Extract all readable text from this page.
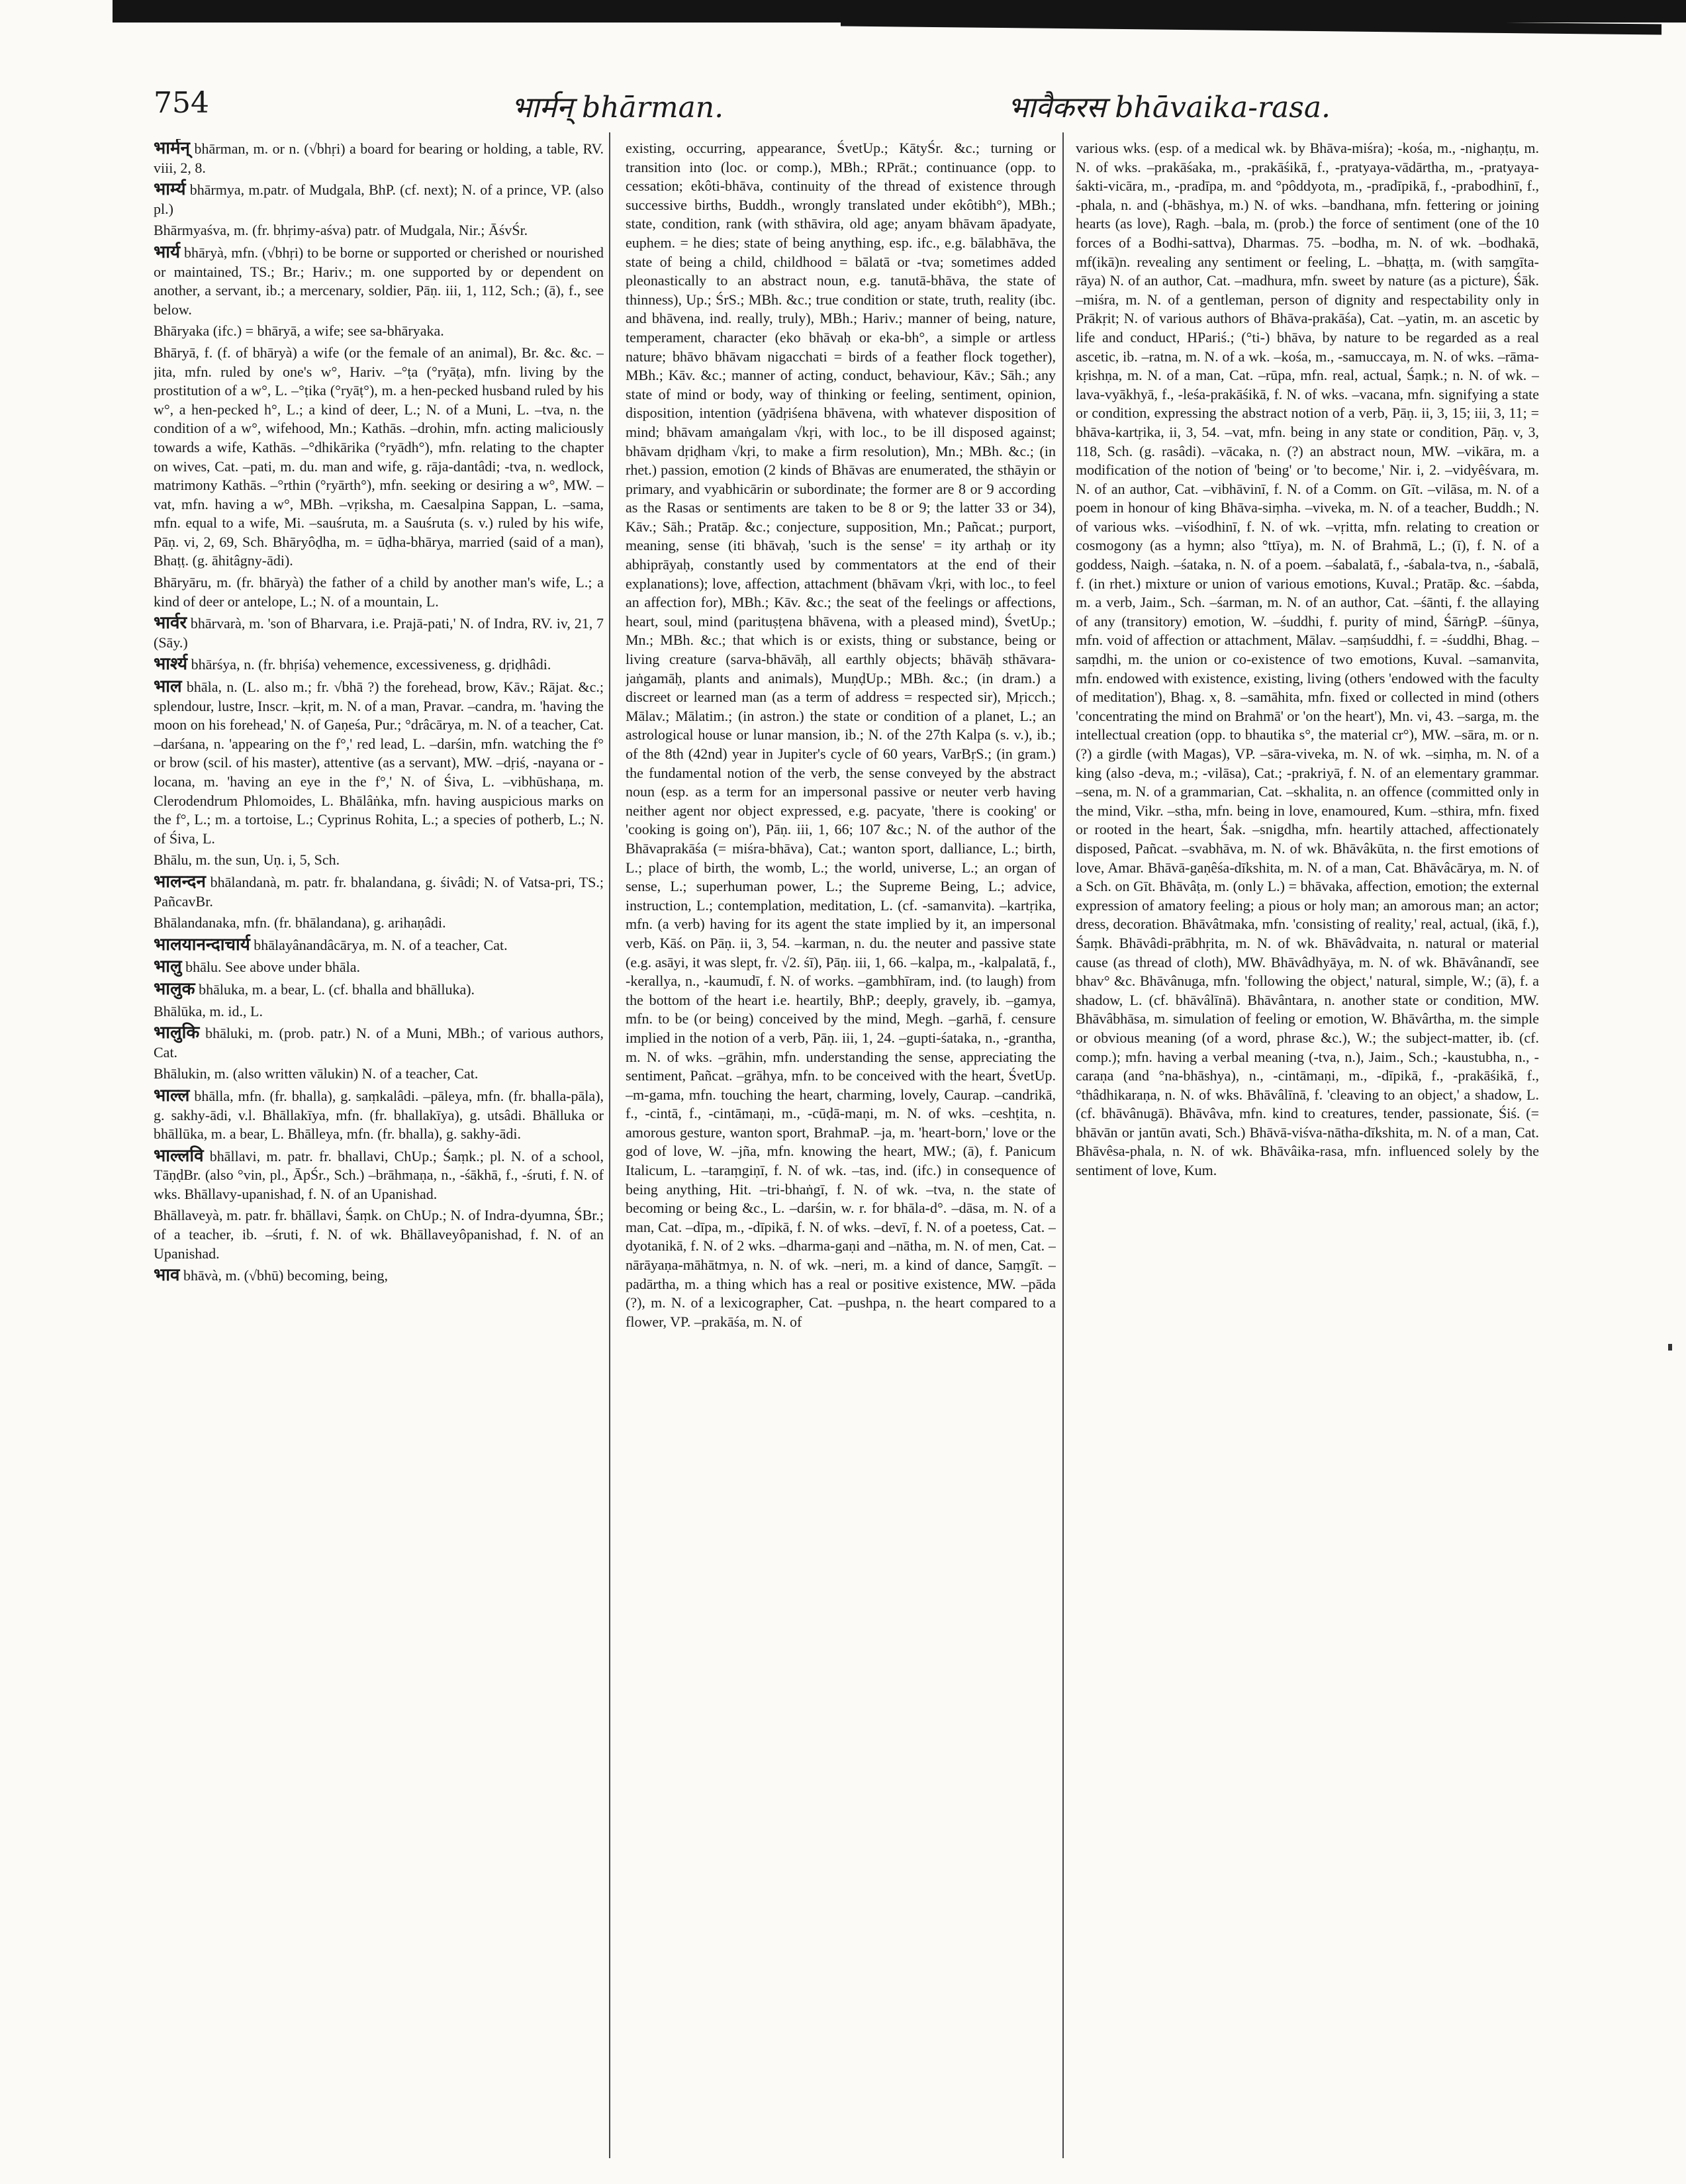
754	भार्मन् bhārman.	भावैकरस bhāvaika-rasa.

भार्मन् bhārman, m. or n. (√bhṛi) a board for bearing or holding, a table, RV. viii, 2, 8.

भार्म्य bhārmya, m.patr. of Mudgala, BhP. (cf. next); N. of a prince, VP. (also pl.)

Bhārmyaśva, m. (fr. bhṛimy-aśva) patr. of Mudgala, Nir.; ĀśvŚr.

भार्य bhāryà, mfn. (√bhṛi) to be borne or supported or cherished or nourished or maintained, TS.; Br.; Hariv.; m. one supported by or dependent on another, a servant, ib.; a mercenary, soldier, Pāṇ. iii, 1, 112, Sch.; (ā), f., see below.

Bhāryaka (ifc.) = bhāryā, a wife; see sa-bhāryaka.

Bhāryā, f. (f. of bhāryà) a wife (or the female of an animal), Br. &c. &c. –jita, mfn. ruled by one's w°, Hariv. –°ṭa (°ryāṭa), mfn. living by the prostitution of a w°, L. –°ṭika (°ryāṭ°), m. a hen-pecked husband ruled by his w°, a hen-pecked h°, L.; a kind of deer, L.; N. of a Muni, L. –tva, n. the condition of a w°, wifehood, Mn.; Kathās. –drohin, mfn. acting maliciously towards a wife, Kathās. –°dhikārika (°ryādh°), mfn. relating to the chapter on wives, Cat. –pati, m. du. man and wife, g. rāja-dantâdi; -tva, n. wedlock, matrimony Kathās. –°rthin (°ryārth°), mfn. seeking or desiring a w°, MW. –vat, mfn. having a w°, MBh. –vṛiksha, m. Caesalpina Sappan, L. –sama, mfn. equal to a wife, Mi. –sauśruta, m. a Sauśruta (s. v.) ruled by his wife, Pāṇ. vi, 2, 69, Sch. Bhāryôḍha, m. = ūḍha-bhārya, married (said of a man), Bhaṭṭ. (g. āhitâgny-ādi).

Bhāryāru, m. (fr. bhāryà) the father of a child by another man's wife, L.; a kind of deer or antelope, L.; N. of a mountain, L.

भार्वर bhārvarà, m. 'son of Bharvara, i.e. Prajā-pati,' N. of Indra, RV. iv, 21, 7 (Sāy.)

भार्श्य bhārśya, n. (fr. bhṛiśa) vehemence, excessiveness, g. dṛiḍhâdi.

भाल bhāla, n. (L. also m.; fr. √bhā ?) the forehead, brow, Kāv.; Rājat. &c.; splendour, lustre, Inscr. –kṛit, m. N. of a man, Pravar. –candra, m. 'having the moon on his forehead,' N. of Gaṇeśa, Pur.; °drâcārya, m. N. of a teacher, Cat. –darśana, n. 'appearing on the f°,' red lead, L. –darśin, mfn. watching the f° or brow (scil. of his master), attentive (as a servant), MW. –dṛiś, -nayana or -locana, m. 'having an eye in the f°,' N. of Śiva, L. –vibhūshaṇa, m. Clerodendrum Phlomoides, L. Bhālâṅka, mfn. having auspicious marks on the f°, L.; m. a tortoise, L.; Cyprinus Rohita, L.; a species of potherb, L.; N. of Śiva, L.

Bhālu, m. the sun, Uṇ. i, 5, Sch.

भालन्दन bhālandanà, m. patr. fr. bhalandana, g. śivâdi; N. of Vatsa-pri, TS.; PañcavBr.

Bhālandanaka, mfn. (fr. bhālandana), g. arihaṇâdi.

भालयानन्दाचार्य bhālayânandâcārya, m. N. of a teacher, Cat.

भालु bhālu. See above under bhāla.

भालुक bhāluka, m. a bear, L. (cf. bhalla and bhālluka).

Bhālūka, m. id., L.

भालुकि bhāluki, m. (prob. patr.) N. of a Muni, MBh.; of various authors, Cat.

Bhālukin, m. (also written vālukin) N. of a teacher, Cat.

भाल्ल bhālla, mfn. (fr. bhalla), g. saṃkalâdi. –pāleya, mfn. (fr. bhalla-pāla), g. sakhy-ādi, v.l. Bhāllakīya, mfn. (fr. bhallakīya), g. utsâdi. Bhālluka or bhāllūka, m. a bear, L. Bhālleya, mfn. (fr. bhalla), g. sakhy-ādi.

भाल्लवि bhāllavi, m. patr. fr. bhallavi, ChUp.; Śaṃk.; pl. N. of a school, TāṇḍBr. (also °vin, pl., ĀpŚr., Sch.) –brāhmaṇa, n., -śākhā, f., -śruti, f. N. of wks. Bhāllavy-upanishad, f. N. of an Upanishad.

Bhāllaveyà, m. patr. fr. bhāllavi, Śaṃk. on ChUp.; N. of Indra-dyumna, ŚBr.; of a teacher, ib. –śruti, f. N. of wk. Bhāllaveyôpanishad, f. N. of an Upanishad.

भाव bhāvà, m. (√bhū) becoming, being,

existing, occurring, appearance, ŚvetUp.; KātyŚr. &c.; turning or transition into (loc. or comp.), MBh.; RPrāt.; continuance (opp. to cessation; ekôti-bhāva, continuity of the thread of existence through successive births, Buddh., wrongly translated under ekôtibh°), MBh.; state, condition, rank (with sthāvira, old age; anyam bhāvam āpadyate, euphem. = he dies; state of being anything, esp. ifc., e.g. bālabhāva, the state of being a child, childhood = bālatā or -tva; sometimes added pleonastically to an abstract noun, e.g. tanutā-bhāva, the state of thinness), Up.; ŚrS.; MBh. &c.; true condition or state, truth, reality (ibc. and bhāvena, ind. really, truly), MBh.; Hariv.; manner of being, nature, temperament, character (eko bhāvaḥ or eka-bh°, a simple or artless nature; bhāvo bhāvam nigacchati = birds of a feather flock together), MBh.; Kāv. &c.; manner of acting, conduct, behaviour, Kāv.; Sāh.; any state of mind or body, way of thinking or feeling, sentiment, opinion, disposition, intention (yādṛiśena bhāvena, with whatever disposition of mind; bhāvam amaṅgalam √kṛi, with loc., to be ill disposed against; bhāvam dṛiḍham √kṛi, to make a firm resolution), Mn.; MBh. &c.; (in rhet.) passion, emotion (2 kinds of Bhāvas are enumerated, the sthāyin or primary, and vyabhicārin or subordinate; the former are 8 or 9 according as the Rasas or sentiments are taken to be 8 or 9; the latter 33 or 34), Kāv.; Sāh.; Pratāp. &c.; conjecture, supposition, Mn.; Pañcat.; purport, meaning, sense (iti bhāvaḥ, 'such is the sense' = ity arthaḥ or ity abhiprāyaḥ, constantly used by commentators at the end of their explanations); love, affection, attachment (bhāvam √kṛi, with loc., to feel an affection for), MBh.; Kāv. &c.; the seat of the feelings or affections, heart, soul, mind (parituṣṭena bhāvena, with a pleased mind), ŚvetUp.; Mn.; MBh. &c.; that which is or exists, thing or substance, being or living creature (sarva-bhāvāḥ, all earthly objects; bhāvāḥ sthāvara-jaṅgamāḥ, plants and animals), MuṇḍUp.; MBh. &c.; (in dram.) a discreet or learned man (as a term of address = respected sir), Mṛicch.; Mālav.; Mālatim.; (in astron.) the state or condition of a planet, L.; an astrological house or lunar mansion, ib.; N. of the 27th Kalpa (s. v.), ib.; of the 8th (42nd) year in Jupiter's cycle of 60 years, VarBṛS.; (in gram.) the fundamental notion of the verb, the sense conveyed by the abstract noun (esp. as a term for an impersonal passive or neuter verb having neither agent nor object expressed, e.g. pacyate, 'there is cooking' or 'cooking is going on'), Pāṇ. iii, 1, 66; 107 &c.; N. of the author of the Bhāvaprakāśa (= miśra-bhāva), Cat.; wanton sport, dalliance, L.; birth, L.; place of birth, the womb, L.; the world, universe, L.; an organ of sense, L.; superhuman power, L.; the Supreme Being, L.; advice, instruction, L.; contemplation, meditation, L. (cf. -samanvita). –kartṛika, mfn. (a verb) having for its agent the state implied by it, an impersonal verb, Kāś. on Pāṇ. ii, 3, 54. –karman, n. du. the neuter and passive state (e.g. asāyi, it was slept, fr. √2. śī), Pāṇ. iii, 1, 66. –kalpa, m., -kalpalatā, f., -kerallya, n., -kaumudī, f. N. of works. –gambhīram, ind. (to laugh) from the bottom of the heart i.e. heartily, BhP.; deeply, gravely, ib. –gamya, mfn. to be (or being) conceived by the mind, Megh. –garhā, f. censure implied in the notion of a verb, Pāṇ. iii, 1, 24. –gupti-śataka, n., -grantha, m. N. of wks. –grāhin, mfn. understanding the sense, appreciating the sentiment, Pañcat. –grāhya, mfn. to be conceived with the heart, ŚvetUp. –m-gama, mfn. touching the heart, charming, lovely, Caurap. –candrikā, f., -cintā, f., -cintāmaṇi, m., -cūḍā-maṇi, m. N. of wks. –ceshṭita, n. amorous gesture, wanton sport, BrahmaP. –ja, m. 'heart-born,' love or the god of love, W. –jña, mfn. knowing the heart, MW.; (ā), f. Panicum Italicum, L. –taraṃgiṇī, f. N. of wk. –tas, ind. (ifc.) in consequence of being anything, Hit. –tri-bhaṅgī, f. N. of wk. –tva, n. the state of becoming or being &c., L. –darśin, w. r. for bhāla-d°. –dāsa, m. N. of a man, Cat. –dīpa, m., -dīpikā, f. N. of wks. –devī, f. N. of a poetess, Cat. –dyotanikā, f. N. of 2 wks. –dharma-gaṇi and –nātha, m. N. of men, Cat. –nārāyaṇa-māhātmya, n. N. of wk. –neri, m. a kind of dance, Saṃgīt. –padārtha, m. a thing which has a real or positive existence, MW. –pāda (?), m. N. of a lexicographer, Cat. –pushpa, n. the heart compared to a flower, VP. –prakāśa, m. N. of

various wks. (esp. of a medical wk. by Bhāva-miśra); -kośa, m., -nighaṇṭu, m. N. of wks. –prakāśaka, m., -prakāśikā, f., -pratyaya-vādārtha, m., -pratyaya-śakti-vicāra, m., -pradīpa, m. and °pôddyota, m., -pradīpikā, f., -prabodhinī, f., -phala, n. and (-bhāshya, m.) N. of wks. –bandhana, mfn. fettering or joining hearts (as love), Ragh. –bala, m. (prob.) the force of sentiment (one of the 10 forces of a Bodhi-sattva), Dharmas. 75. –bodha, m. N. of wk. –bodhakā, mf(ikā)n. revealing any sentiment or feeling, L. –bhaṭṭa, m. (with saṃgīta-rāya) N. of an author, Cat. –madhura, mfn. sweet by nature (as a picture), Śāk. –miśra, m. N. of a gentleman, person of dignity and respectability only in Prākṛit; N. of various authors of Bhāva-prakāśa), Cat. –yatin, m. an ascetic by life and conduct, HPariś.; (°ti-) bhāva, by nature to be regarded as a real ascetic, ib. –ratna, m. N. of a wk. –kośa, m., -samuccaya, m. N. of wks. –rāma-kṛishṇa, m. N. of a man, Cat. –rūpa, mfn. real, actual, Śaṃk.; n. N. of wk. –lava-vyākhyā, f., -leśa-prakāśikā, f. N. of wks. –vacana, mfn. signifying a state or condition, expressing the abstract notion of a verb, Pāṇ. ii, 3, 15; iii, 3, 11; = bhāva-kartṛika, ii, 3, 54. –vat, mfn. being in any state or condition, Pāṇ. v, 3, 118, Sch. (g. rasâdi). –vācaka, n. (?) an abstract noun, MW. –vikāra, m. a modification of the notion of 'being' or 'to become,' Nir. i, 2. –vidyêśvara, m. N. of an author, Cat. –vibhāvinī, f. N. of a Comm. on Gīt. –vilāsa, m. N. of a poem in honour of king Bhāva-siṃha. –viveka, m. N. of a teacher, Buddh.; N. of various wks. –viśodhinī, f. N. of wk. –vṛitta, mfn. relating to creation or cosmogony (as a hymn; also °ttīya), m. N. of Brahmā, L.; (ī), f. N. of a goddess, Naigh. –śataka, n. N. of a poem. –śabalatā, f., -śabala-tva, n., -śabalā, f. (in rhet.) mixture or union of various emotions, Kuval.; Pratāp. &c. –śabda, m. a verb, Jaim., Sch. –śarman, m. N. of an author, Cat. –śānti, f. the allaying of any (transitory) emotion, W. –śuddhi, f. purity of mind, ŚārṅgP. –śūnya, mfn. void of affection or attachment, Mālav. –saṃśuddhi, f. = -śuddhi, Bhag. –saṃdhi, m. the union or co-existence of two emotions, Kuval. –samanvita, mfn. endowed with existence, existing, living (others 'endowed with the faculty of meditation'), Bhag. x, 8. –samāhita, mfn. fixed or collected in mind (others 'concentrating the mind on Brahmā' or 'on the heart'), Mn. vi, 43. –sarga, m. the intellectual creation (opp. to bhautika s°, the material cr°), MW. –sāra, m. or n. (?) a girdle (with Magas), VP. –sāra-viveka, m. N. of wk. –siṃha, m. N. of a king (also -deva, m.; -vilāsa), Cat.; -prakriyā, f. N. of an elementary grammar. –sena, m. N. of a grammarian, Cat. –skhalita, n. an offence (committed only in the mind, Vikr. –stha, mfn. being in love, enamoured, Kum. –sthira, mfn. fixed or rooted in the heart, Śak. –snigdha, mfn. heartily attached, affectionately disposed, Pañcat. –svabhāva, m. N. of wk. Bhāvâkūta, n. the first emotions of love, Amar. Bhāvā-gaṇêśa-dīkshita, m. N. of a man, Cat. Bhāvâcārya, m. N. of a Sch. on Gīt. Bhāvâṭa, m. (only L.) = bhāvaka, affection, emotion; the external expression of amatory feeling; a pious or holy man; an amorous man; an actor; dress, decoration. Bhāvâtmaka, mfn. 'consisting of reality,' real, actual, (ikā, f.), Śaṃk. Bhāvâdi-prābhṛita, m. N. of wk. Bhāvâdvaita, n. natural or material cause (as thread of cloth), MW. Bhāvâdhyāya, m. N. of wk. Bhāvânandī, see bhav° &c. Bhāvânuga, mfn. 'following the object,' natural, simple, W.; (ā), f. a shadow, L. (cf. bhāvâlīnā). Bhāvântara, n. another state or condition, MW. Bhāvâbhāsa, m. simulation of feeling or emotion, W. Bhāvârtha, m. the simple or obvious meaning (of a word, phrase &c.), W.; the subject-matter, ib. (cf. comp.); mfn. having a verbal meaning (-tva, n.), Jaim., Sch.; -kaustubha, n., -caraṇa (and °na-bhāshya), n., -cintāmaṇi, m., -dīpikā, f., -prakāśikā, f., °thâdhikaraṇa, n. N. of wks. Bhāvâlīnā, f. 'cleaving to an object,' a shadow, L. (cf. bhāvânugā). Bhāvâva, mfn. kind to creatures, tender, passionate, Śiś. (= bhāvān or jantūn avati, Sch.) Bhāvā-viśva-nātha-dīkshita, m. N. of a man, Cat. Bhāvêsa-phala, n. N. of wk. Bhāvâika-rasa, mfn. influenced solely by the sentiment of love, Kum.
